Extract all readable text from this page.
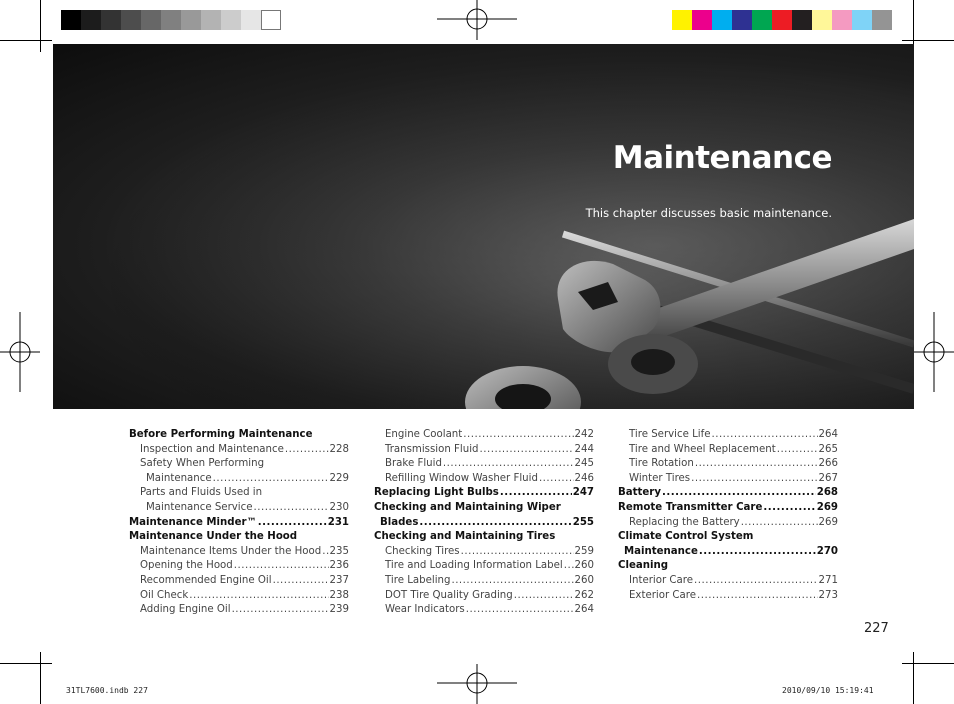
Maintenance
This chapter discusses basic maintenance.
Before Performing Maintenance
Inspection and Maintenance .....	228
Safety When Performing
Maintenance .....	229
Parts and Fluids Used in
Maintenance Service .....	230
Maintenance Minder™ .....	231
Maintenance Under the Hood
Maintenance Items Under the Hood ..... 235
Opening the Hood .....	236
Recommended Engine Oil .....	237
Oil Check .....	238
Adding Engine Oil .....	239
Engine Coolant .....	242
Transmission Fluid .....	244
Brake Fluid .....	245
Refilling Window Washer Fluid .....	246
Replacing Light Bulbs .....	247
Checking and Maintaining Wiper
Blades .....	255
Checking and Maintaining Tires
Checking Tires .....	259
Tire and Loading Information Label ..... 260
Tire Labeling .....	260
DOT Tire Quality Grading .....	262
Wear Indicators .....	264
Tire Service Life .....	264
Tire and Wheel Replacement .....	265
Tire Rotation .....	266
Winter Tires .....	267
Battery .....	268
Remote Transmitter Care .....	269
Replacing the Battery .....	269
Climate Control System
Maintenance .....	270
Cleaning
Interior Care .....	271
Exterior Care .....	273
227
31TL7600.indb 227	2010/09/10 15:19:41
